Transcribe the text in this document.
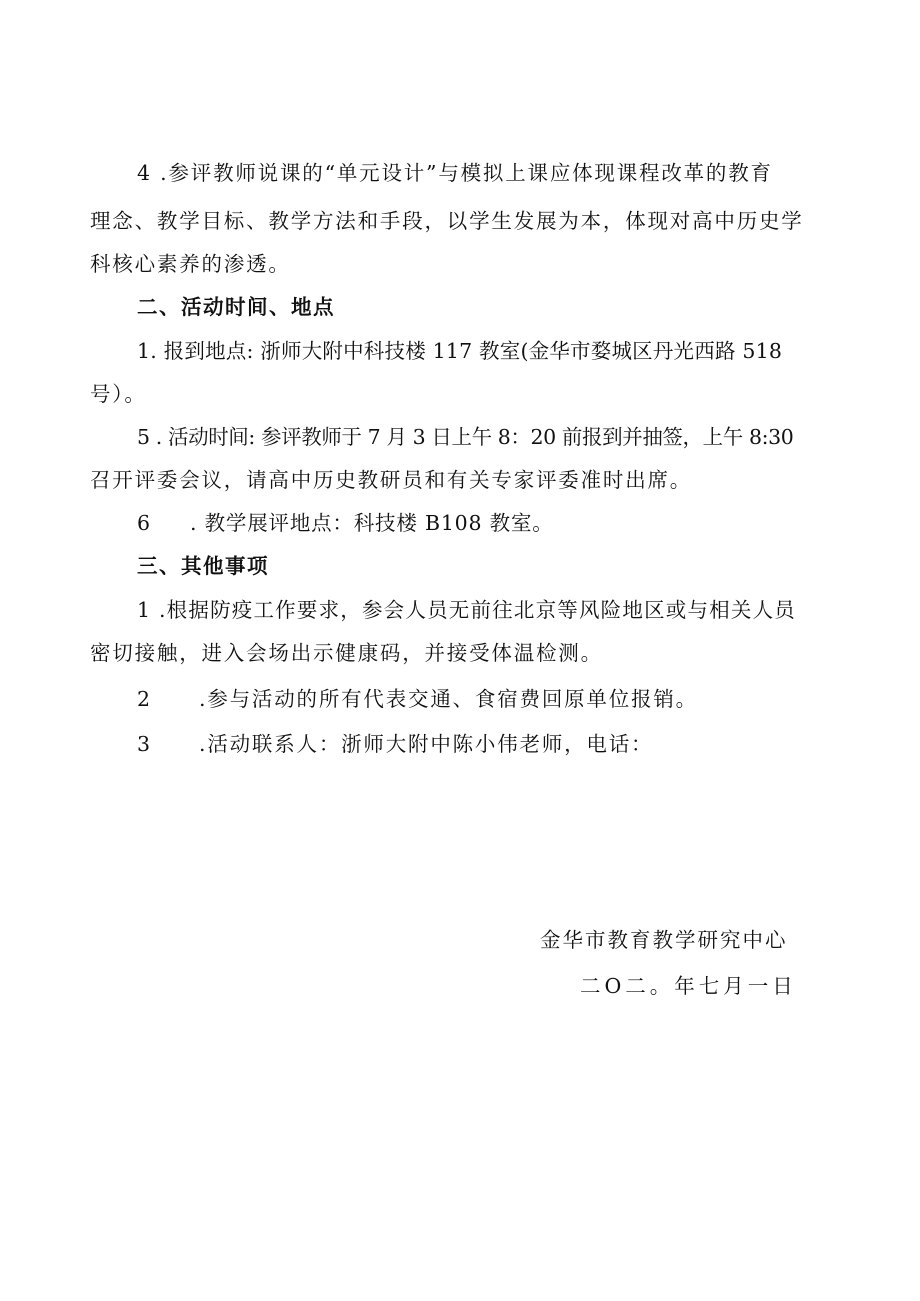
4 .参评教师说课的“单元设计”与模拟上课应体现课程改革的教育
理念、教学目标、教学方法和手段，以学生发展为本，体现对高中历史学
科核心素养的渗透。
二、活动时间、地点
1. 报到地点: 浙师大附中科技楼 117 教室(金华市婺城区丹光西路 518
号）。
5 . 活动时间: 参评教师于 7 月 3 日上午 8：20 前报到并抽签，上午 8:30
召开评委会议，请高中历史教研员和有关专家评委准时出席。
6 . 教学展评地点：科技楼 B108 教室。
三、其他事项
1 .根据防疫工作要求，参会人员无前往北京等风险地区或与相关人员
密切接触，进入会场出示健康码，并接受体温检测。
2 .参与活动的所有代表交通、食宿费回原单位报销。
3 .活动联系人：浙师大附中陈小伟老师，电话：
金华市教育教学研究中心
二O二。年七月一日
